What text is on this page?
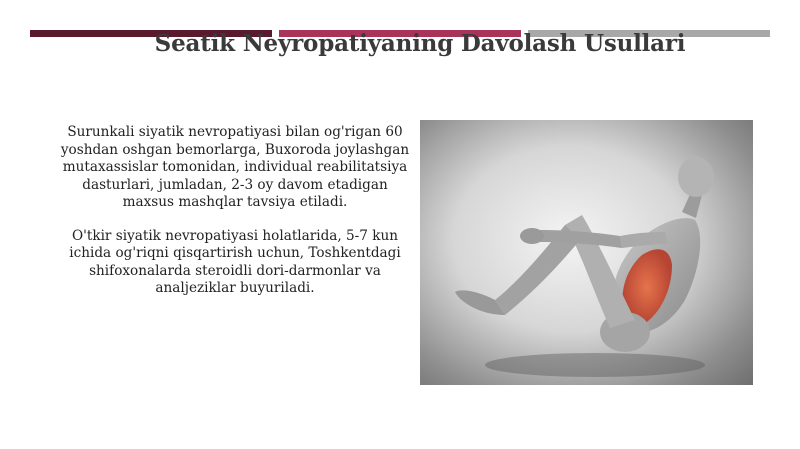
Seatik Neyropatiyaning Davolash Usullari

Surunkali siyatik nevropatiyasi bilan og'rigan 60 yoshdan oshgan bemorlarga, Buxoroda joylashgan mutaxassislar tomonidan, individual reabilitatsiya dasturlari, jumladan, 2-3 oy davom etadigan maxsus mashqlar tavsiya etiladi.

O'tkir siyatik nevropatiyasi holatlarida, 5-7 kun ichida og'riqni qisqartirish uchun, Toshkentdagi shifoxonalarda steroidli dori-darmonlar va analjeziklar buyuriladi.
